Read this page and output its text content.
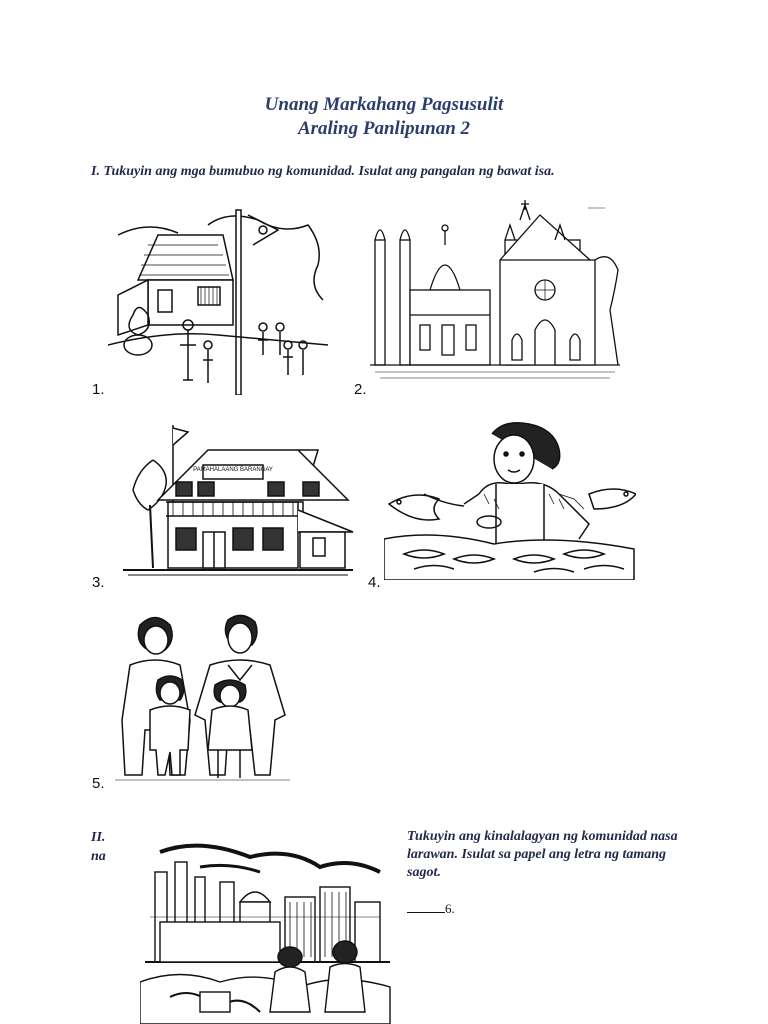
Unang Markahang Pagsusulit
Araling Panlipunan 2
I. Tukuyin ang mga bumubuo ng komunidad. Isulat ang pangalan ng bawat isa.
1.	2.
PAMAHALAANG BARANGAY
3.	4.
5.
II.
na
Tukuyin ang kinalalagyan ng komunidad nasa larawan. Isulat sa papel ang letra ng tamang sagot.
6.
